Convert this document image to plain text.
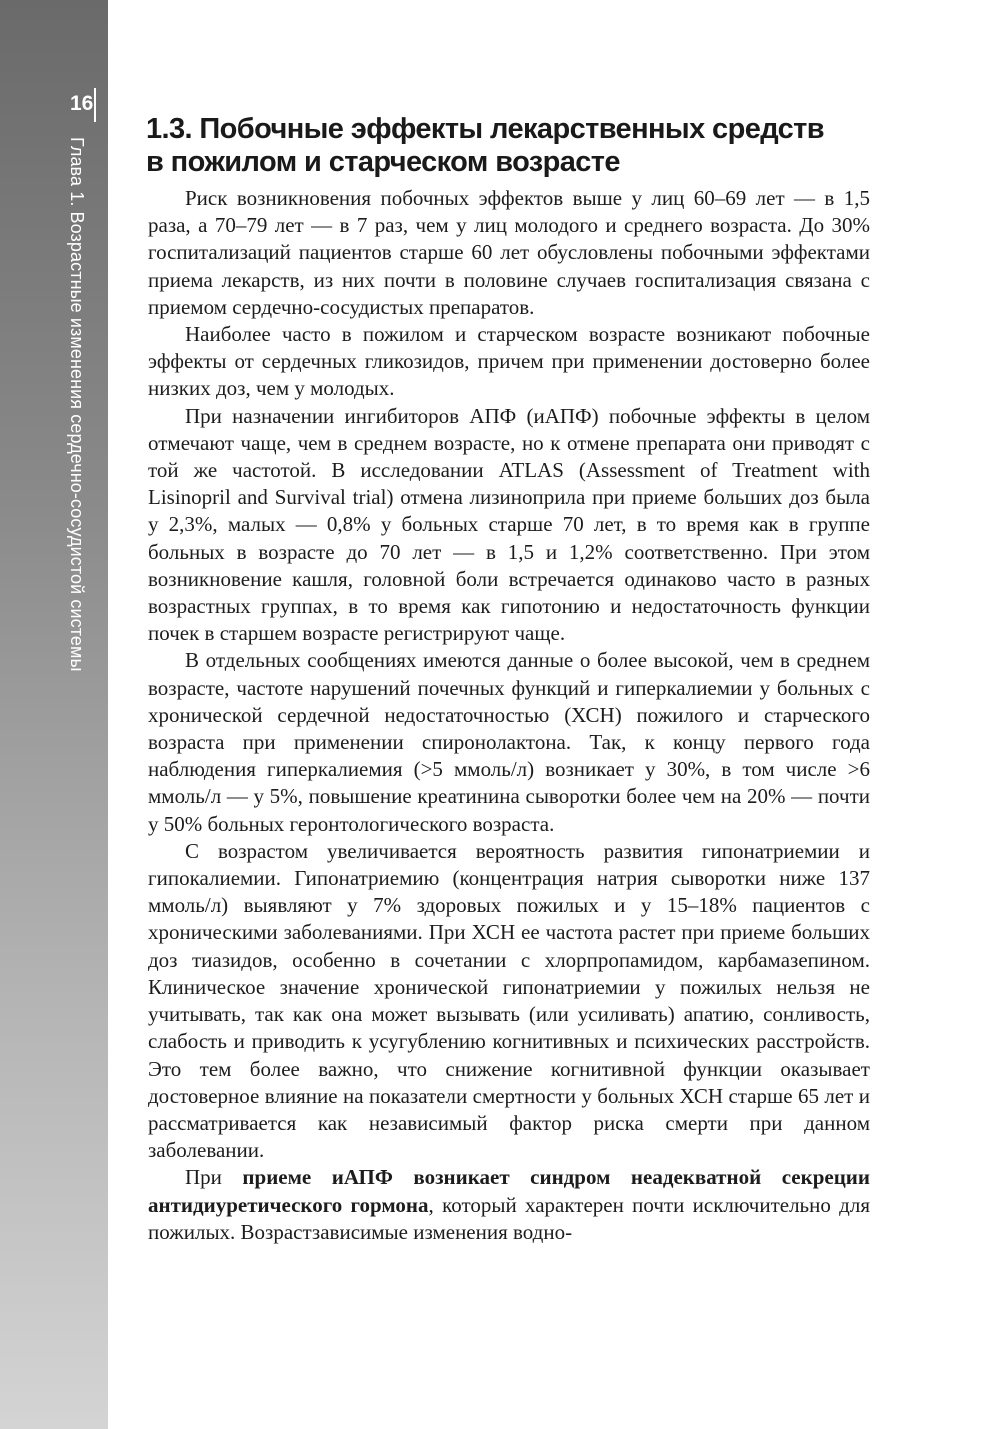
16
Глава 1. Возрастные изменения сердечно-сосудистой системы
1.3. Побочные эффекты лекарственных средств
в пожилом и старческом возрасте

Риск возникновения побочных эффектов выше у лиц 60–69 лет — в 1,5 раза, а 70–79 лет — в 7 раз, чем у лиц молодого и среднего возраста. До 30% госпитализаций пациентов старше 60 лет обусловлены побочными эффектами приема лекарств, из них почти в половине случаев госпитализация связана с приемом сердечно-сосудистых препаратов.

Наиболее часто в пожилом и старческом возрасте возникают побочные эффекты от сердечных гликозидов, причем при применении достоверно более низких доз, чем у молодых.

При назначении ингибиторов АПФ (иАПФ) побочные эффекты в целом отмечают чаще, чем в среднем возрасте, но к отмене препарата они приводят с той же частотой. В исследовании ATLAS (Assessment of Treatment with Lisinopril and Survival trial) отмена лизиноприла при приеме больших доз была у 2,3%, малых — 0,8% у больных старше 70 лет, в то время как в группе больных в возрасте до 70 лет — в 1,5 и 1,2% соответственно. При этом возникновение кашля, головной боли встречается одинаково часто в разных возрастных группах, в то время как гипотонию и недостаточность функции почек в старшем возрасте регистрируют чаще.

В отдельных сообщениях имеются данные о более высокой, чем в среднем возрасте, частоте нарушений почечных функций и гиперкалиемии у больных с хронической сердечной недостаточностью (ХСН) пожилого и старческого возраста при применении спиронолактона. Так, к концу первого года наблюдения гиперкалиемия (>5 ммоль/л) возникает у 30%, в том числе >6 ммоль/л — у 5%, повышение креатинина сыворотки более чем на 20% — почти у 50% больных геронтологического возраста.

С возрастом увеличивается вероятность развития гипонатриемии и гипокалиемии. Гипонатриемию (концентрация натрия сыворотки ниже 137 ммоль/л) выявляют у 7% здоровых пожилых и у 15–18% пациентов с хроническими заболеваниями. При ХСН ее частота растет при приеме больших доз тиазидов, особенно в сочетании с хлорпропамидом, карбамазепином. Клиническое значение хронической гипонатриемии у пожилых нельзя не учитывать, так как она может вызывать (или усиливать) апатию, сонливость, слабость и приводить к усугублению когнитивных и психических расстройств. Это тем более важно, что снижение когнитивной функции оказывает достоверное влияние на показатели смертности у больных ХСН старше 65 лет и рассматривается как независимый фактор риска смерти при данном заболевании.

При приеме иАПФ возникает синдром неадекватной секреции антидиуретического гормона, который характерен почти исключительно для пожилых. Возрастзависимые изменения водно-
